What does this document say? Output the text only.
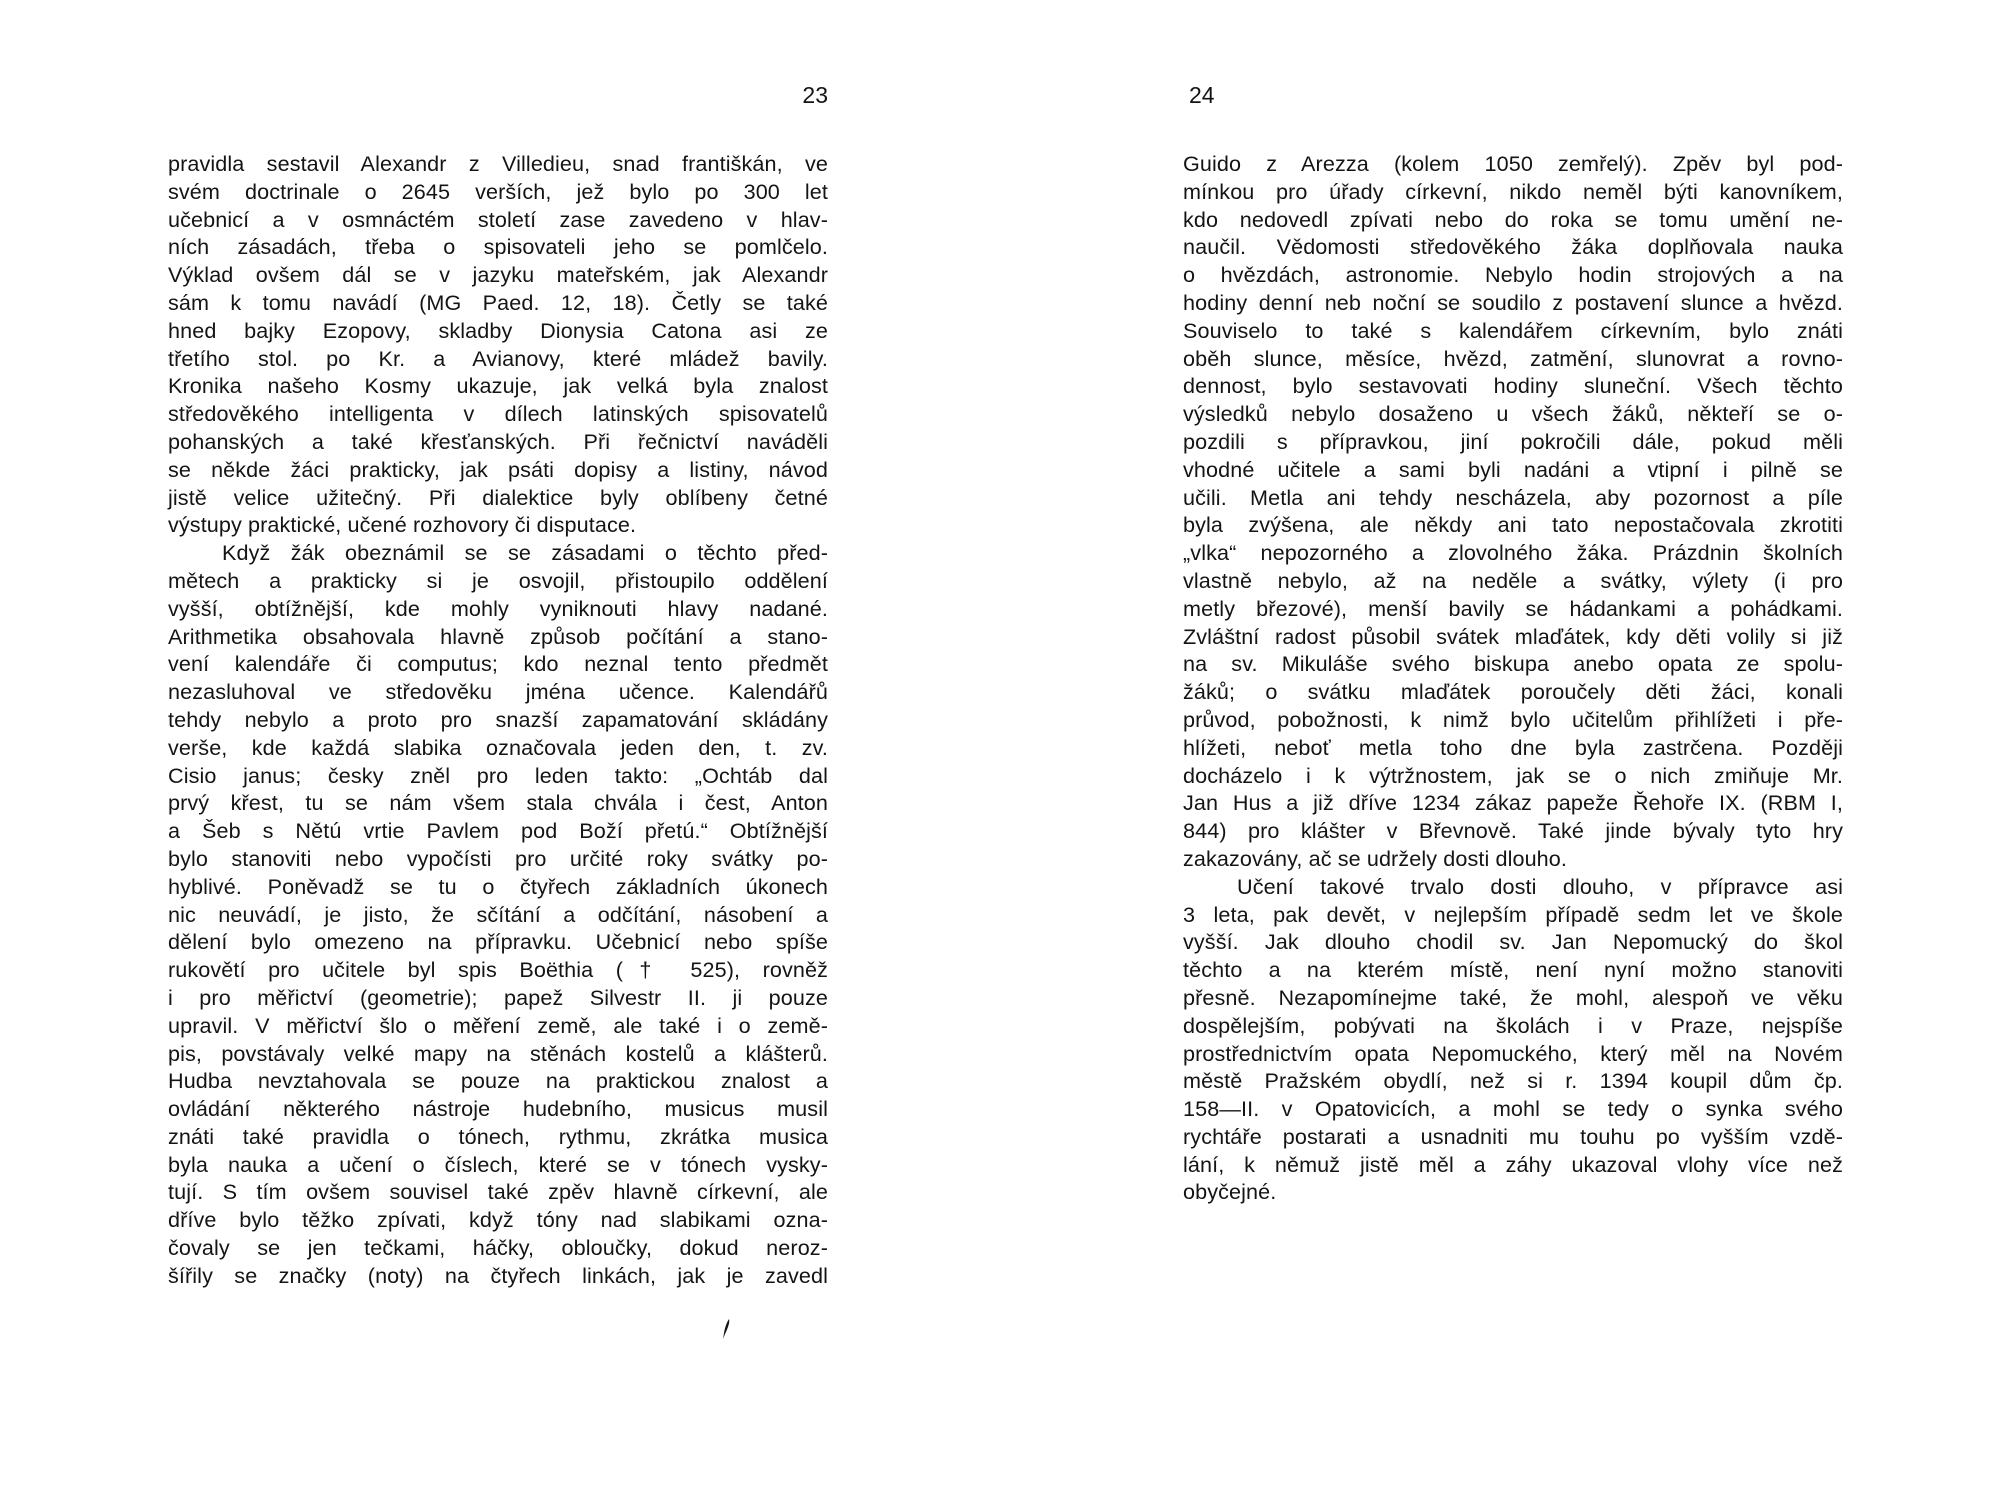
23
pravidla sestavil Alexandr z Villedieu, snad františkán, ve
svém doctrinale o 2645 verších, jež bylo po 300 let
učebnicí a v osmnáctém století zase zavedeno v hlav-
ních zásadách, třeba o spisovateli jeho se pomlčelo.
Výklad ovšem dál se v jazyku mateřském, jak Alexandr
sám k tomu navádí (MG Paed. 12, 18). Četly se také
hned bajky Ezopovy, skladby Dionysia Catona asi ze
třetího stol. po Kr. a Avianovy, které mládež bavily.
Kronika našeho Kosmy ukazuje, jak velká byla znalost
středověkého intelligenta v dílech latinských spisovatelů
pohanských a také křesťanských. Při řečnictví naváděli
se někde žáci prakticky, jak psáti dopisy a listiny, návod
jistě velice užitečný. Při dialektice byly oblíbeny četné
výstupy praktické, učené rozhovory či disputace.
Když žák obeznámil se se zásadami o těchto před-
mětech a prakticky si je osvojil, přistoupilo oddělení
vyšší, obtížnější, kde mohly vyniknouti hlavy nadané.
Arithmetika obsahovala hlavně způsob počítání a stano-
vení kalendáře či computus; kdo neznal tento předmět
nezasluhoval ve středověku jména učence. Kalendářů
tehdy nebylo a proto pro snazší zapamatování skládány
verše, kde každá slabika označovala jeden den, t. zv.
Cisio janus; česky zněl pro leden takto: „Ochtáb dal
prvý křest, tu se nám všem stala chvála i čest, Anton
a Šeb s Nětú vrtie Pavlem pod Boží přetú.“ Obtížnější
bylo stanoviti nebo vypočísti pro určité roky svátky po-
hyblivé. Poněvadž se tu o čtyřech základních úkonech
nic neuvádí, je jisto, že sčítání a odčítání, násobení a
dělení bylo omezeno na přípravku. Učebnicí nebo spíše
rukovětí pro učitele byl spis Boëthia († 525), rovněž
i pro měřictví (geometrie); papež Silvestr II. ji pouze
upravil. V měřictví šlo o měření země, ale také i o země-
pis, povstávaly velké mapy na stěnách kostelů a klášterů.
Hudba nevztahovala se pouze na praktickou znalost a
ovládání některého nástroje hudebního, musicus musil
znáti také pravidla o tónech, rythmu, zkrátka musica
byla nauka a učení o číslech, které se v tónech vysky-
tují. S tím ovšem souvisel také zpěv hlavně církevní, ale
dříve bylo těžko zpívati, když tóny nad slabikami ozna-
čovaly se jen tečkami, háčky, obloučky, dokud neroz-
šířily se značky (noty) na čtyřech linkách, jak je zavedl
24
Guido z Arezza (kolem 1050 zemřelý). Zpěv byl pod-
mínkou pro úřady církevní, nikdo neměl býti kanovníkem,
kdo nedovedl zpívati nebo do roka se tomu umění ne-
naučil. Vědomosti středověkého žáka doplňovala nauka
o hvězdách, astronomie. Nebylo hodin strojových a na
hodiny denní neb noční se soudilo z postavení slunce a hvězd.
Souviselo to také s kalendářem církevním, bylo znáti
oběh slunce, měsíce, hvězd, zatmění, slunovrat a rovno-
dennost, bylo sestavovati hodiny sluneční. Všech těchto
výsledků nebylo dosaženo u všech žáků, někteří se o-
pozdili s přípravkou, jiní pokročili dále, pokud měli
vhodné učitele a sami byli nadáni a vtipní i pilně se
učili. Metla ani tehdy nescházela, aby pozornost a píle
byla zvýšena, ale někdy ani tato nepostačovala zkrotiti
„vlka“ nepozorného a zlovolného žáka. Prázdnin školních
vlastně nebylo, až na neděle a svátky, výlety (i pro
metly březové), menší bavily se hádankami a pohádkami.
Zvláštní radost působil svátek mlaďátek, kdy děti volily si již
na sv. Mikuláše svého biskupa anebo opata ze spolu-
žáků; o svátku mlaďátek poroučely děti žáci, konali
průvod, pobožnosti, k nimž bylo učitelům přihlížeti i pře-
hlížeti, neboť metla toho dne byla zastrčena. Později
docházelo i k výtržnostem, jak se o nich zmiňuje Mr.
Jan Hus a již dříve 1234 zákaz papeže Řehoře IX. (RBM I,
844) pro klášter v Břevnově. Také jinde bývaly tyto hry
zakazovány, ač se udržely dosti dlouho.
Učení takové trvalo dosti dlouho, v přípravce asi
3 leta, pak devět, v nejlepším případě sedm let ve škole
vyšší. Jak dlouho chodil sv. Jan Nepomucký do škol
těchto a na kterém místě, není nyní možno stanoviti
přesně. Nezapomínejme také, že mohl, alespoň ve věku
dospělejším, pobývati na školách i v Praze, nejspíše
prostřednictvím opata Nepomuckého, který měl na Novém
městě Pražském obydlí, než si r. 1394 koupil dům čp.
158—II. v Opatovicích, a mohl se tedy o synka svého
rychtáře postarati a usnadniti mu touhu po vyšším vzdě-
lání, k němuž jistě měl a záhy ukazoval vlohy více než
obyčejné.
